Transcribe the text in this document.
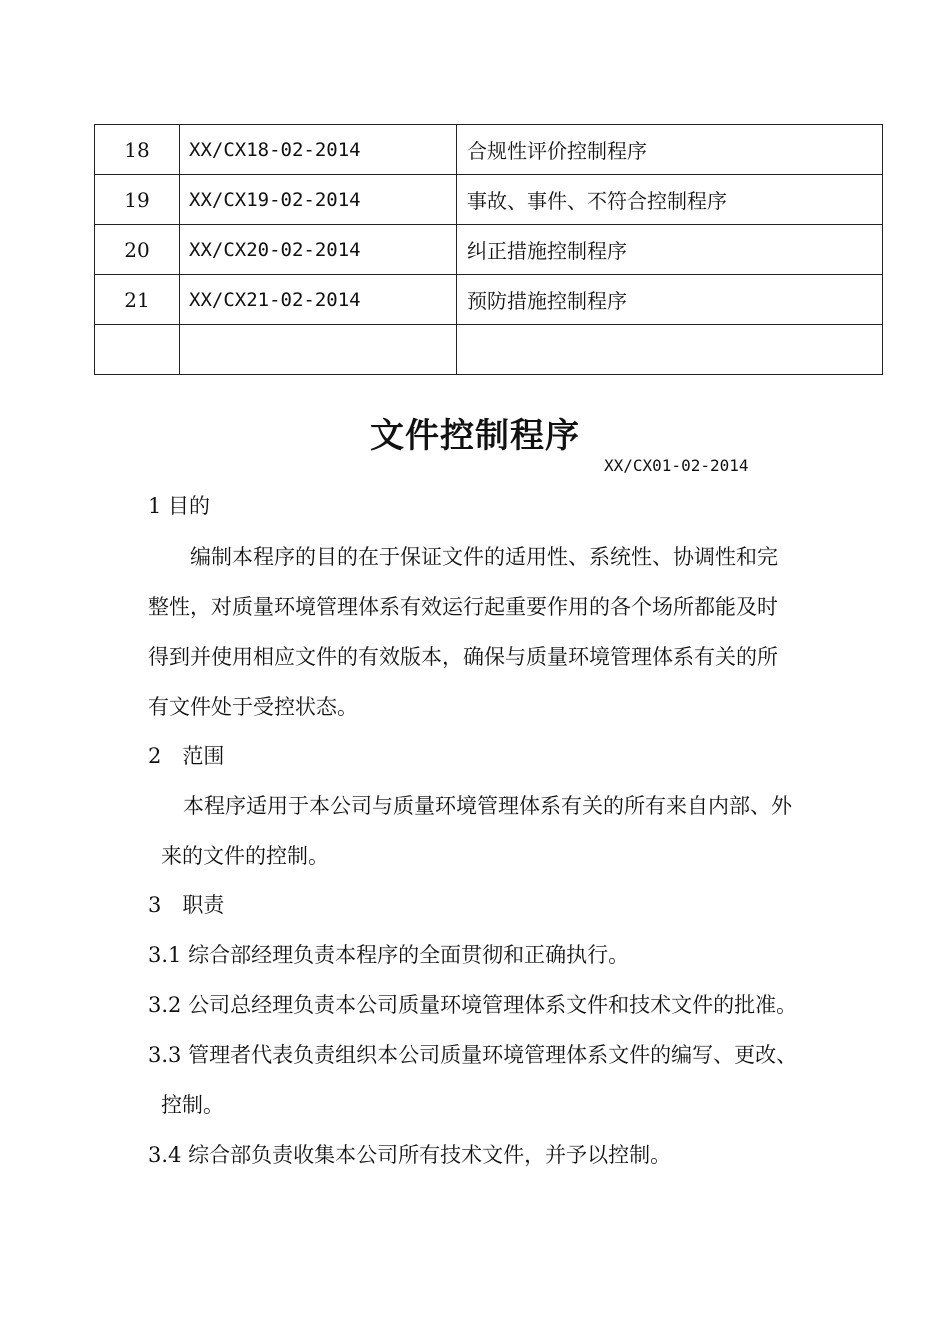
18	XX/CX18-02-2014	合规性评价控制程序
19	XX/CX19-02-2014	事故、事件、不符合控制程序
20	XX/CX20-02-2014	纠正措施控制程序
21	XX/CX21-02-2014	预防措施控制程序

文件控制程序
XX/CX01-02-2014
1 目的
编制本程序的目的在于保证文件的适用性、系统性、协调性和完
整性，对质量环境管理体系有效运行起重要作用的各个场所都能及时
得到并使用相应文件的有效版本，确保与质量环境管理体系有关的所
有文件处于受控状态。
2　范围
本程序适用于本公司与质量环境管理体系有关的所有来自内部、外
来的文件的控制。
3　职责
3.1 综合部经理负责本程序的全面贯彻和正确执行。
3.2 公司总经理负责本公司质量环境管理体系文件和技术文件的批准。
3.3 管理者代表负责组织本公司质量环境管理体系文件的编写、更改、
控制。
3.4 综合部负责收集本公司所有技术文件，并予以控制。
